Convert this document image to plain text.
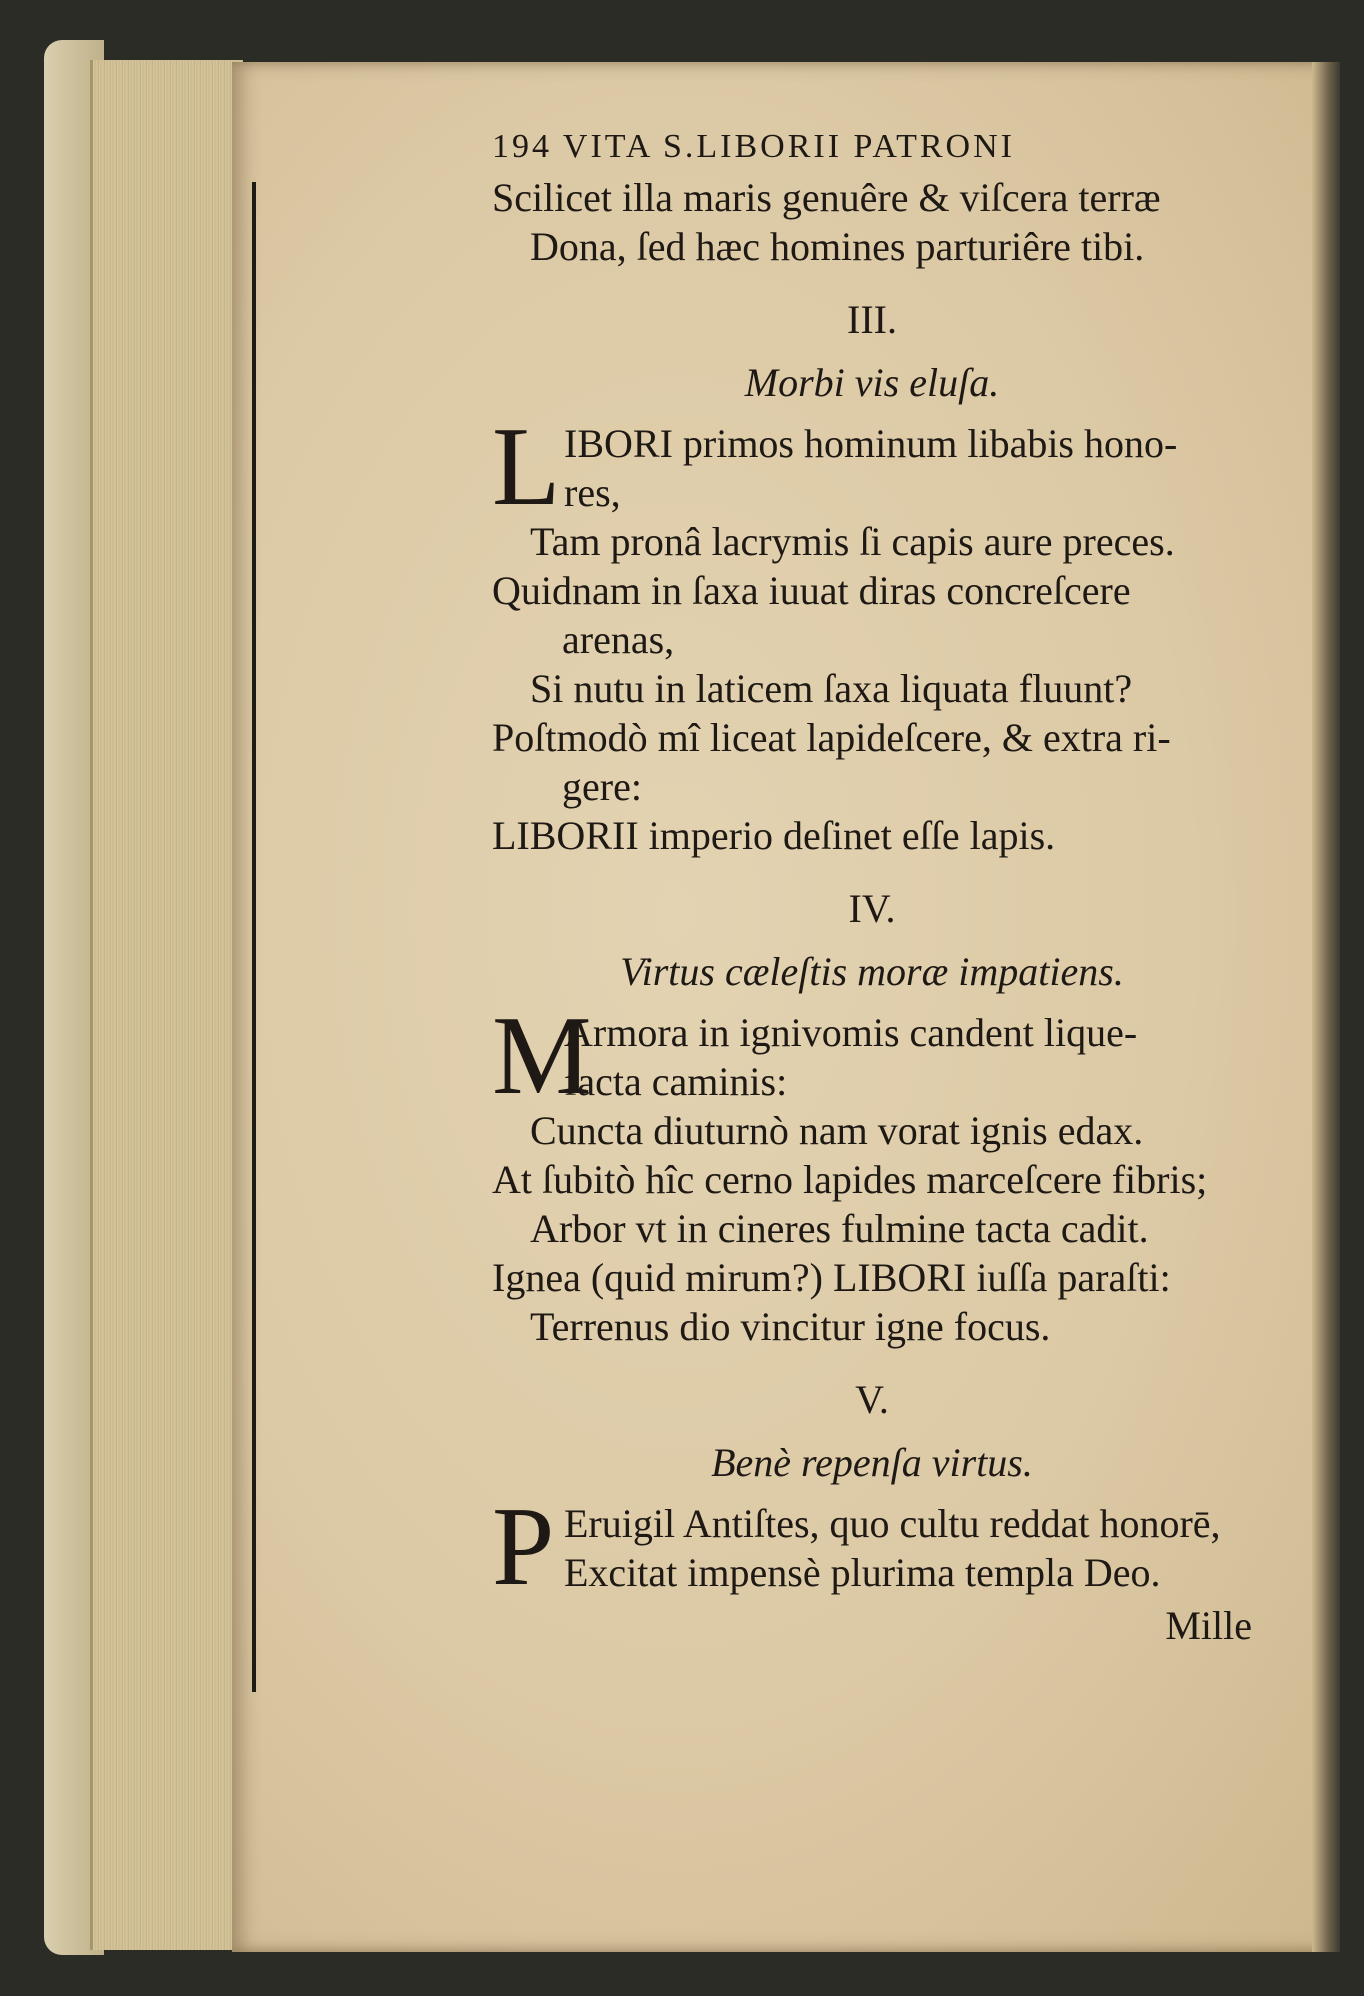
194 VITA S.LIBORII PATRONI
Scilicet illa maris genuêre & viſcera terræ
Dona, ſed hæc homines parturiêre tibi.
III.
Morbi vis eluſa.
L IBORI primos hominum libabis hono-
res,
Tam pronâ lacrymis ſi capis aure preces.
Quidnam in ſaxa iuuat diras concreſcere
arenas,
Si nutu in laticem ſaxa liquata fluunt?
Poſtmodò mî liceat lapideſcere, & extra ri-
gere:
LIBORII imperio deſinet eſſe lapis.
IV.
Virtus cæleſtis moræ impatiens.
M
Armora in ignivomis candent lique-
facta caminis:
Cuncta diuturnò nam vorat ignis edax.
At ſubitò hîc cerno lapides marceſcere fibris;
Arbor vt in cineres fulmine tacta cadit.
Ignea (quid mirum?) LIBORI iuſſa paraſti:
Terrenus dio vincitur igne focus.
V.
Benè repenſa virtus.
P Eruigil Antiſtes, quo cultu reddat honorē,
Excitat impensè plurima templa Deo.
Mille
